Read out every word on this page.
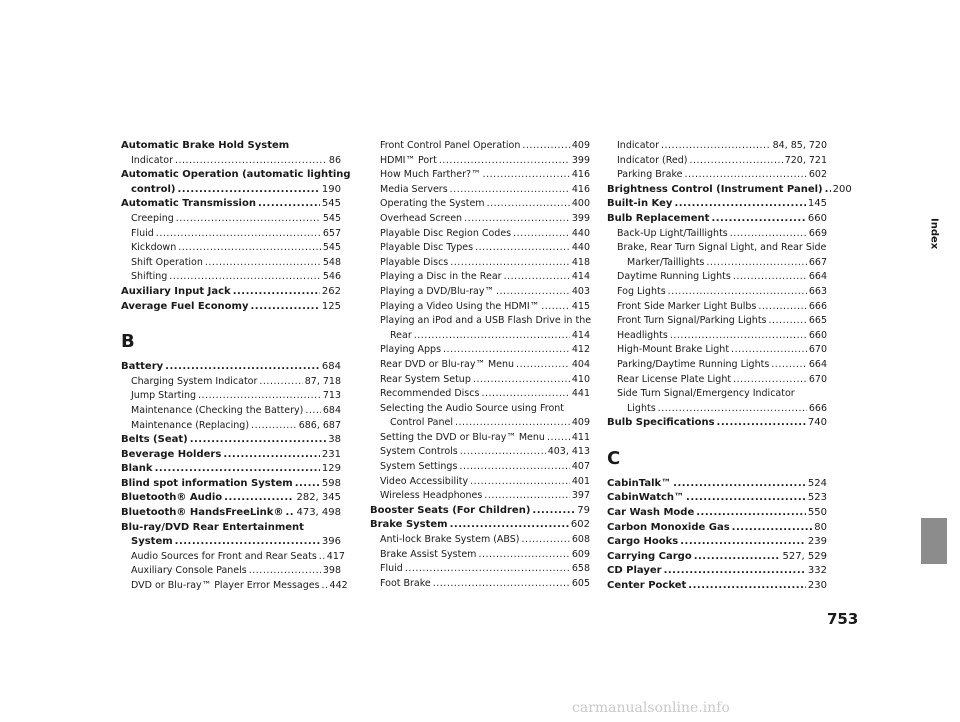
Automatic Brake Hold System
Indicator .....	86
Automatic Operation (automatic lighting
control) .....	190
Automatic Transmission .....	545
Creeping .....	545
Fluid .....	657
Kickdown .....	545
Shift Operation .....	548
Shifting .....	546
Auxiliary Input Jack .....	262
Average Fuel Economy .....	125
B
Battery .....	684
Charging System Indicator .....	87, 718
Jump Starting .....	713
Maintenance (Checking the Battery) ..... 684
Maintenance (Replacing) .....	686, 687
Belts (Seat) .....	38
Beverage Holders .....	231
Blank .....	129
Blind spot information System .....	598
Bluetooth® Audio .....	282, 345
Bluetooth® HandsFreeLink® ..... 473, 498
Blu-ray/DVD Rear Entertainment
System .....	396
Audio Sources for Front and Rear Seats ..... 417
Auxiliary Console Panels .....	398
DVD or Blu-ray™ Player Error Messages ..... 442
Front Control Panel Operation .....	409
HDMI™ Port .....	399
How Much Farther?™ .....	416
Media Servers .....	416
Operating the System .....	400
Overhead Screen .....	399
Playable Disc Region Codes .....	440
Playable Disc Types .....	440
Playable Discs .....	418
Playing a Disc in the Rear .....	414
Playing a DVD/Blu-ray™ .....	403
Playing a Video Using the HDMI™ .....	415
Playing an iPod and a USB Flash Drive in the
Rear .....	414
Playing Apps .....	412
Rear DVD or Blu-ray™ Menu .....	404
Rear System Setup .....	410
Recommended Discs .....	441
Selecting the Audio Source using Front
Control Panel .....	409
Setting the DVD or Blu-ray™ Menu .....	411
System Controls .....	403, 413
System Settings .....	407
Video Accessibility .....	401
Wireless Headphones .....	397
Booster Seats (For Children) .....	79
Brake System .....	602
Anti-lock Brake System (ABS) .....	608
Brake Assist System .....	609
Fluid .....	658
Foot Brake .....	605
Indicator .....	84, 85, 720
Indicator (Red) .....	720, 721
Parking Brake .....	602
Brightness Control (Instrument Panel) ..... 200
Built-in Key .....	145
Bulb Replacement .....	660
Back-Up Light/Taillights .....	669
Brake, Rear Turn Signal Light, and Rear Side
Marker/Taillights .....	667
Daytime Running Lights .....	664
Fog Lights .....	663
Front Side Marker Light Bulbs .....	666
Front Turn Signal/Parking Lights .....	665
Headlights .....	660
High-Mount Brake Light .....	670
Parking/Daytime Running Lights .....	664
Rear License Plate Light .....	670
Side Turn Signal/Emergency Indicator
Lights .....	666
Bulb Specifications .....	740
C
CabinTalk™ .....	524
CabinWatch™ .....	523
Car Wash Mode .....	550
Carbon Monoxide Gas .....	80
Cargo Hooks .....	239
Carrying Cargo .....	527, 529
CD Player .....	332
Center Pocket .....	230
Index
753
carmanualsonline.info
